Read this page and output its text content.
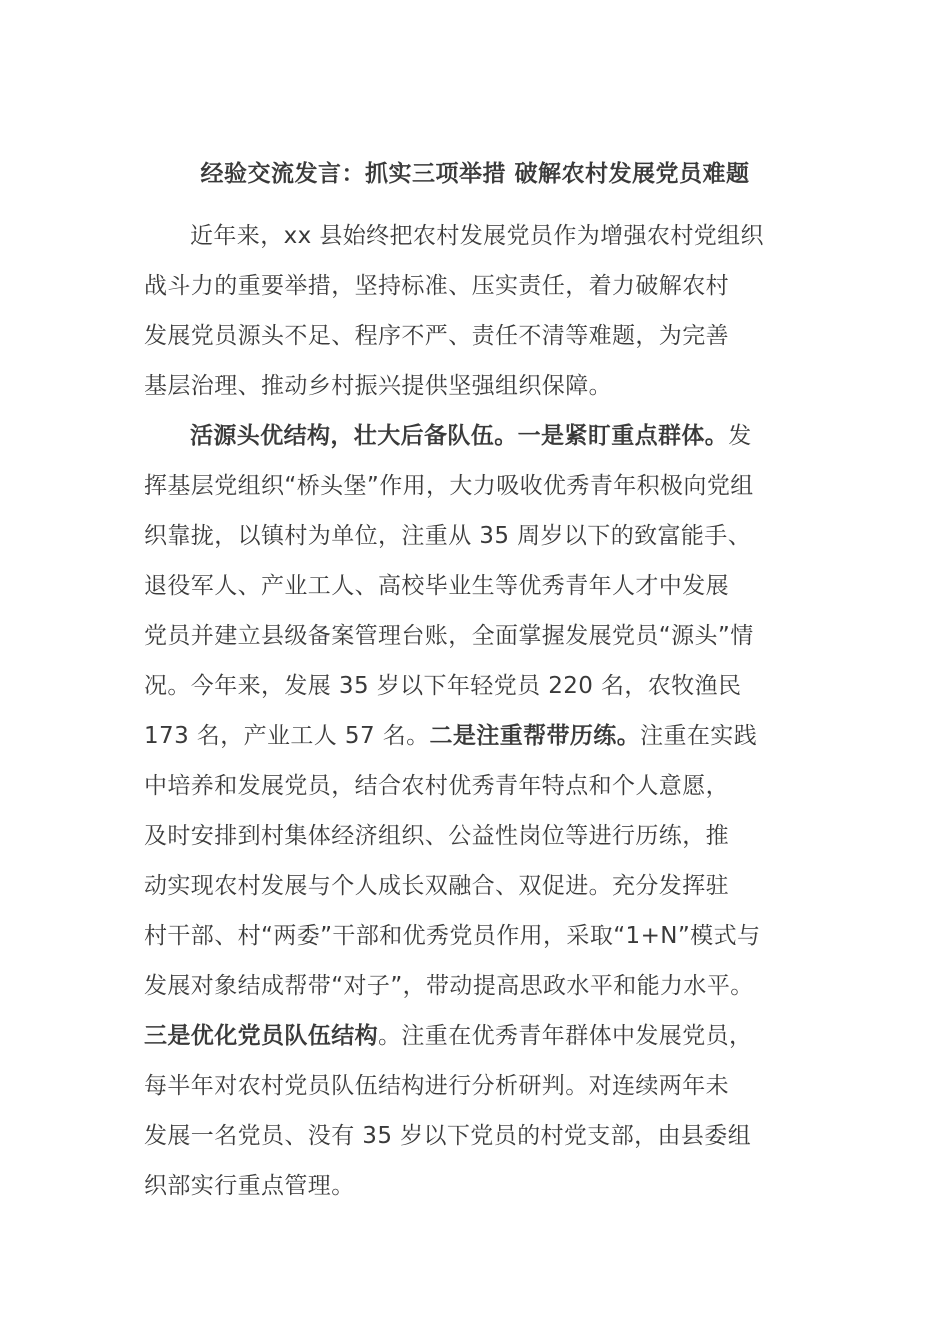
经验交流发言：抓实三项举措 破解农村发展党员难题
近年来，xx 县始终把农村发展党员作为增强农村党组织
战斗力的重要举措，坚持标准、压实责任，着力破解农村
发展党员源头不足、程序不严、责任不清等难题，为完善
基层治理、推动乡村振兴提供坚强组织保障。
活源头优结构，壮大后备队伍。一是紧盯重点群体。发
挥基层党组织“桥头堡”作用，大力吸收优秀青年积极向党组
织靠拢，以镇村为单位，注重从 35 周岁以下的致富能手、
退役军人、产业工人、高校毕业生等优秀青年人才中发展
党员并建立县级备案管理台账，全面掌握发展党员“源头”情
况。今年来，发展 35 岁以下年轻党员 220 名，农牧渔民
173 名，产业工人 57 名。二是注重帮带历练。注重在实践
中培养和发展党员，结合农村优秀青年特点和个人意愿，
及时安排到村集体经济组织、公益性岗位等进行历练，推
动实现农村发展与个人成长双融合、双促进。充分发挥驻
村干部、村“两委”干部和优秀党员作用，采取“1+N”模式与
发展对象结成帮带“对子”，带动提高思政水平和能力水平。
三是优化党员队伍结构。注重在优秀青年群体中发展党员，
每半年对农村党员队伍结构进行分析研判。对连续两年未
发展一名党员、没有 35 岁以下党员的村党支部，由县委组
织部实行重点管理。
